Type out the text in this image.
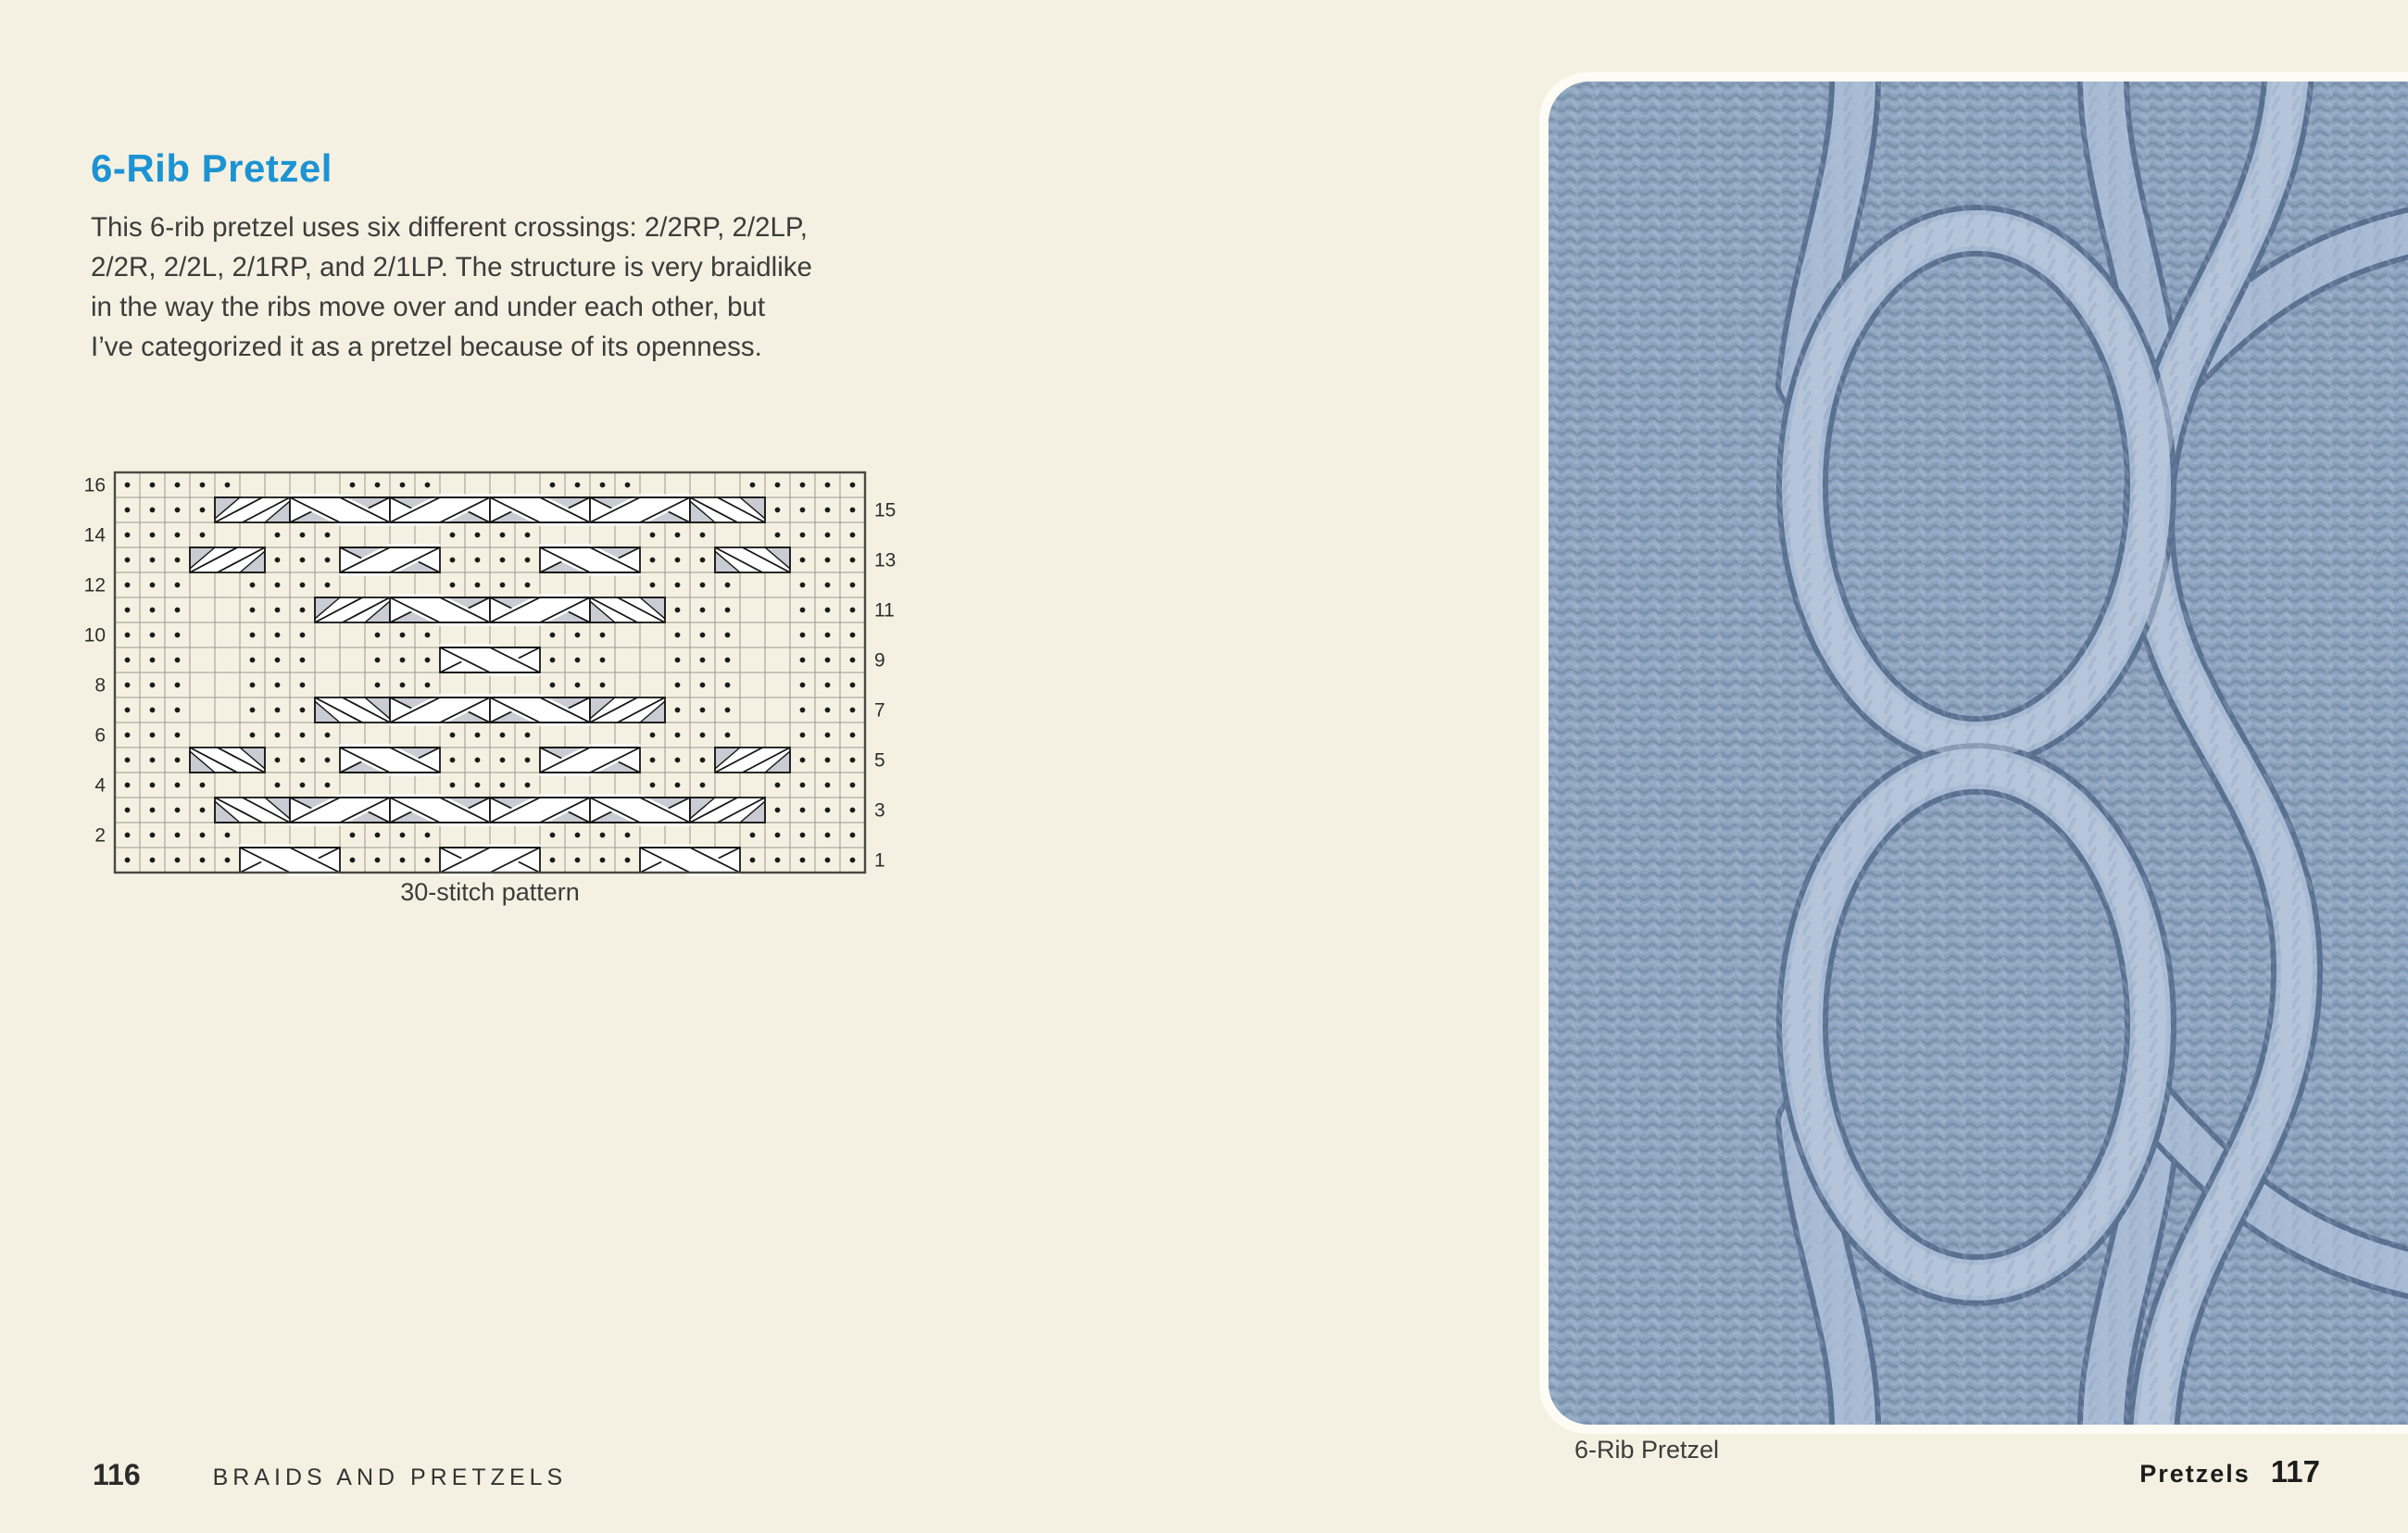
6-Rib Pretzel
This 6-rib pretzel uses six different crossings: 2/2RP, 2/2LP,
2/2R, 2/2L, 2/1RP, and 2/1LP. The structure is very braidlike
in the way the ribs move over and under each other, but
I’ve categorized it as a pretzel because of its openness.
16
15
14
13
12
11
10
9
8
7
6
5
4
3
2
1
30-stitch pattern
116	BRAIDS AND PRETZELS
6-Rib Pretzel
Pretzels 117
